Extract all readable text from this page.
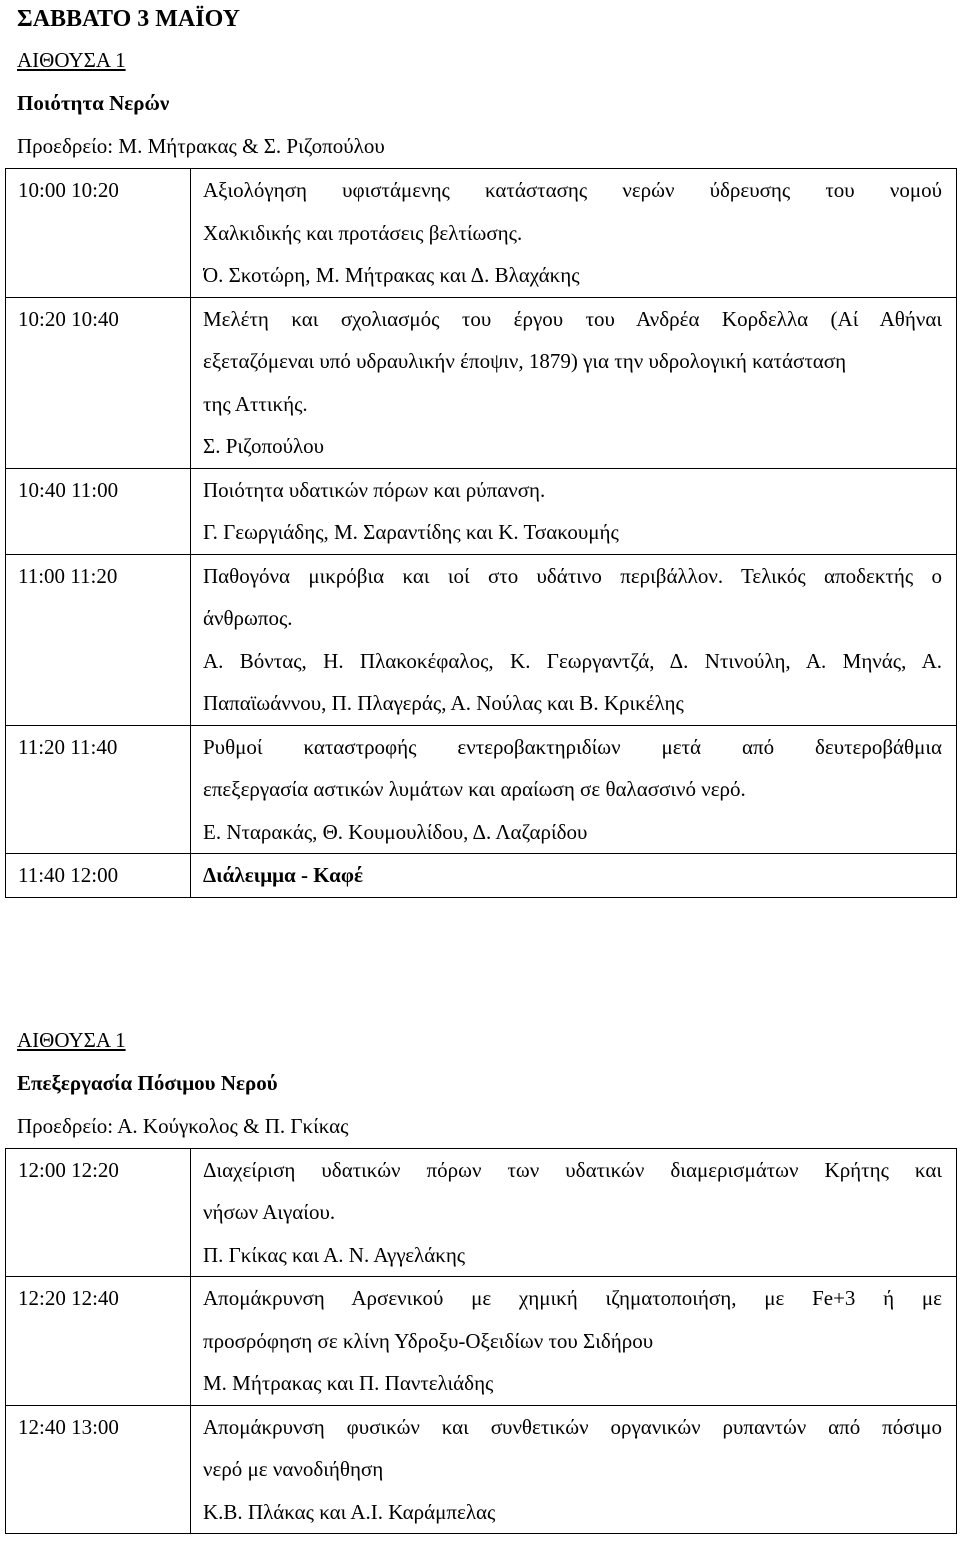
ΣΑΒΒΑΤΟ 3 ΜΑΪΟΥ
ΑΙΘΟΥΣΑ 1
Ποιότητα Νερών
Προεδρείο: Μ. Μήτρακας & Σ. Ριζοπούλου
10:00 10:20	Αξιολόγηση υφιστάμενης κατάστασης νερών ύδρευσης του νομού
Χαλκιδικής και προτάσεις βελτίωσης.
Ό. Σκοτώρη, Μ. Μήτρακας και Δ. Βλαχάκης

10:20 10:40	Μελέτη και σχολιασμός του έργου του Ανδρέα Κορδελλα (Αί Αθήναι
εξεταζόμεναι υπό υδραυλικήν έποψιν, 1879) για την υδρολογική κατάσταση
της Αττικής.
Σ. Ριζοπούλου

10:40 11:00	Ποιότητα υδατικών πόρων και ρύπανση.
Γ. Γεωργιάδης, Μ. Σαραντίδης και Κ. Τσακουμής

11:00 11:20	Παθογόνα μικρόβια και ιοί στο υδάτινο περιβάλλον. Τελικός αποδεκτής ο
άνθρωπος.
Α. Βόντας, Η. Πλακοκέφαλος, Κ. Γεωργαντζά, Δ. Ντινούλη, Α. Μηνάς, Α.
Παπαϊωάννου, Π. Πλαγεράς, Α. Νούλας και Β. Κρικέλης

11:20 11:40	Ρυθμοί καταστροφής εντεροβακτηριδίων μετά από δευτεροβάθμια
επεξεργασία αστικών λυμάτων και αραίωση σε θαλασσινό νερό.
Ε. Νταρακάς, Θ. Κουμουλίδου, Δ. Λαζαρίδου

11:40 12:00	Διάλειμμα - Καφέ
ΑΙΘΟΥΣΑ 1
Επεξεργασία Πόσιμου Νερού
Προεδρείο: Α. Κούγκολος & Π. Γκίκας
12:00 12:20	Διαχείριση υδατικών πόρων των υδατικών διαμερισμάτων Κρήτης και
νήσων Αιγαίου.
Π. Γκίκας και Α. Ν. Αγγελάκης

12:20 12:40	Απομάκρυνση Αρσενικού με χημική ιζηματοποιήση, με Fe+3 ή με
προσρόφηση σε κλίνη Υδροξυ-Οξειδίων του Σιδήρου
Μ. Μήτρακας και Π. Παντελιάδης

12:40 13:00	Απομάκρυνση φυσικών και συνθετικών οργανικών ρυπαντών από πόσιμο
νερό με νανοδιήθηση
Κ.Β. Πλάκας και Α.Ι. Καράμπελας
